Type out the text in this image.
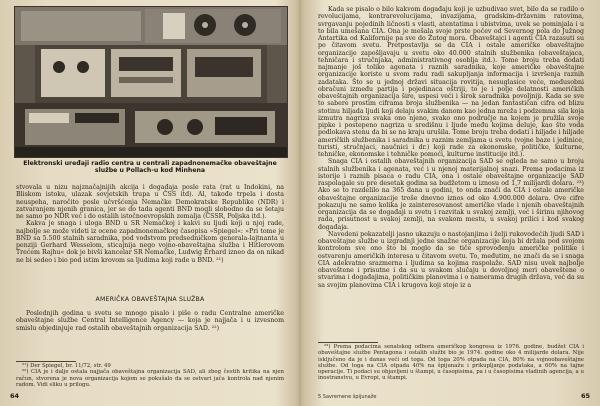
Elektronski uređaji radio centra u centrali zapadnonemačke obaveštajne
službe u Pollach-u kod Minhena

stvovala u nizu najznačajnijih akcija i događaja posle rata (rat u Indokini, na Bliskom istoku, ulazak sovjetskih trupa u ČSS itd). Al, takođe trpela i dosta neuspeha, naročito posle učvršćenja Nemačke Demokratske Republike (NDR) i zatvaranjem njenih granica, jer se do tada agenti BND mogli slobodno da se šetaju ne samo po NDR već i do ostalih istočnoevropskih zemalja (ČSSR, Poljska itd.).

Kakva je snaga i uloga BND u SR Nemačkoj i kakvi su ljudi koji u njoj rade, najbolje se može videti iz ocene zapadnonemačkog časopisa »Spiegel«: »Pri tome je BND sa 5.500 stalnih saradnika, pod vođstvom predsedničkom generala-lajtnanta u penziji Gerhard Wesselom, sticajnija nego vojno-obaveštajna služba i Hitlerovom Trećem Rajhu« dok je bivši kancelar SR Nemačke, Ludwig Erhard izneo da on nikad ne bi sedeo i bio pod istim krovom sa ljudima koji rade u BND. ²¹)

AMERIČKA OBAVEŠTAJNA SLUŽBA

Poslednjih godina u svetu se mnogo pisalo i piše o radu Centralne američke obaveštajne službe Central Intelligence Agency — koja je najjača i u izvesnom smislu objedinjuje rad ostalih obaveštajnih organizacija SAD. ²²)

²¹) Der Spiegel, br. 11/72, str. 49

²²) CIA je i dalje ostala najjača obaveštajna organizacija SAD, ali zbog čestih kritika na njen račun, stvorena je nova organizacija kojom se pokušalo da se ostvari jača kontrola nad njenim radom. Vidi sliku u prilogu.

64

Kada se pisalo o bilo kakvom događaju koji je uzbudivao svet, bilo da se radilo o revolucijama, kontrarevolucijama, invazijama, gradskim-državnim ratovima, svrgavanju pojedinih ličnosti s vlasti, atentatima i ubistvima, uvek se pominjala i u to bila umešana CIA. Ona je mešala svoje prste počev od Severnog pola do Južnog Antartika od Kalifornije pa sve do Žutog mora. Obaveštajci i agenti CIA razasuti su po čitavom svetu. Pretpostavlja se da CIA i ostale američke obaveštajne organizacije zapošljavaju u svetu oko 40.000 stalnih službenika (obaveštajaca, tehničara i stručnjaka, administrativnog osoblja itd.). Tome broju treba dodati najmanje još toliko agenata i raznih saradnika, koje američke obaveštajne organizacije koriste u svom radu radi sakupljanja informacija i izvršenja raznih zadataka. Što se u jednoj državi situacija rovitija, nesuglasice veće, međusobni obračuni između partija i pojedinaca oštriji, to je i polje delatnosti američkih obaveštajnih organizacija šire, uspesi veći i širok saradnika povoljniji. Kada se sve to saberе prostim ciframa broja službenika — na jedan fantastičan cifra od blizu stotinu hiljada ljudi koji delaju svakim danom kao jedna mreža i podzemna sila koja izmutra nagriza svaka ono njeno, svako ono područje na kojem je pružila svoje pipke i postepeno nagriza u središnu i ljude među kojima deluje, kao što voda podlokava stenu da bi se na kraju urušila. Tome broju treba dodati i hiljade i hiljade američkih službenika i saradnika u raznim zemljama u svetu (vojne baze i jedinice, turisti, stručnjaci, naučnici i dr.) koji rade za ekonomske, političke, kulturne, tehničke, ekonomske i tehničke pomoći, kulturne institucije itd.).

Snaga CIA i ostalih obaveštajnih organizacija SAD se ogleda ne samo u broju stalnih službenika i agenata, već i u njenoj materijalnoj snazi. Prema podacima iz istorije i raznih pisaca o radu CIA, ona i ostale obaveštajne organizacije SAD raspolagale su pre desetak godina sa budžetom u iznosu od 1,7 milijardi dolara. ²³) Ako se to razdelilo na 365 dana u godini, to onda znači da CIA i ostale američke obaveštajne organizacije troše dnevno iznos od oko 4.900.000 dolara. Ove cifre pokazuju ne samo kolika je zainteresovanost američke vlade i njenih obaveštajnih organizacija da se događaji u svetu i razvitak u svakoj zemlji, već i širinu njihovog rada, prisutnost u svakoj zemlji, na svakom mestu, u svakoj prilici i kod svakog događaja.

Navedeni pokazatelji jasno ukazuju o nastojanjima i želji rukovodećih ljudi SAD i obaveštajne službe u izgradnji jedne snažne organizacije koja bi držala pod svojom kontrolom sve ono što bi moglo da se tiče sprovođenju američke politike i ostvarenju američkih interesa u čitavom svetu. To, međutim, ne znači da se i snaga CIA adekvatno srazmerna i ljudima sa kojima raspolaže. SAD nisu uvek najbolje obaveštene i prisutne i da su u svakom slučaju u dovoljnoj meri obaveštene o stvarima i događajima, političkim planovima i o namerama drugih država, već da su sa svojim planovima CIA i krugova koji stoje iz a

²³) Prema podacima senatskog odbora američkog kongresa iz 1976. godine, budžet CIA i obaveštajne službe Pentagona i ostalih službi bio je 1974. godine oko 4 milijarde dolara. Nije isključeno da je i danas veći od toga. Od toga 20% otpada na CIA, 80% na vojnoobaveštajne službe. Od toga na CIA otpada 40% na špijunažu i prikupljanje podataka, a 60% na tajne operacije. Ti podaci su objavljeni u štampi, u časopisima, pa i u časopisima vladinih agencija, a u inostranstvu, u Evropi, u štampi.

5 Savremene špijunaže	65
